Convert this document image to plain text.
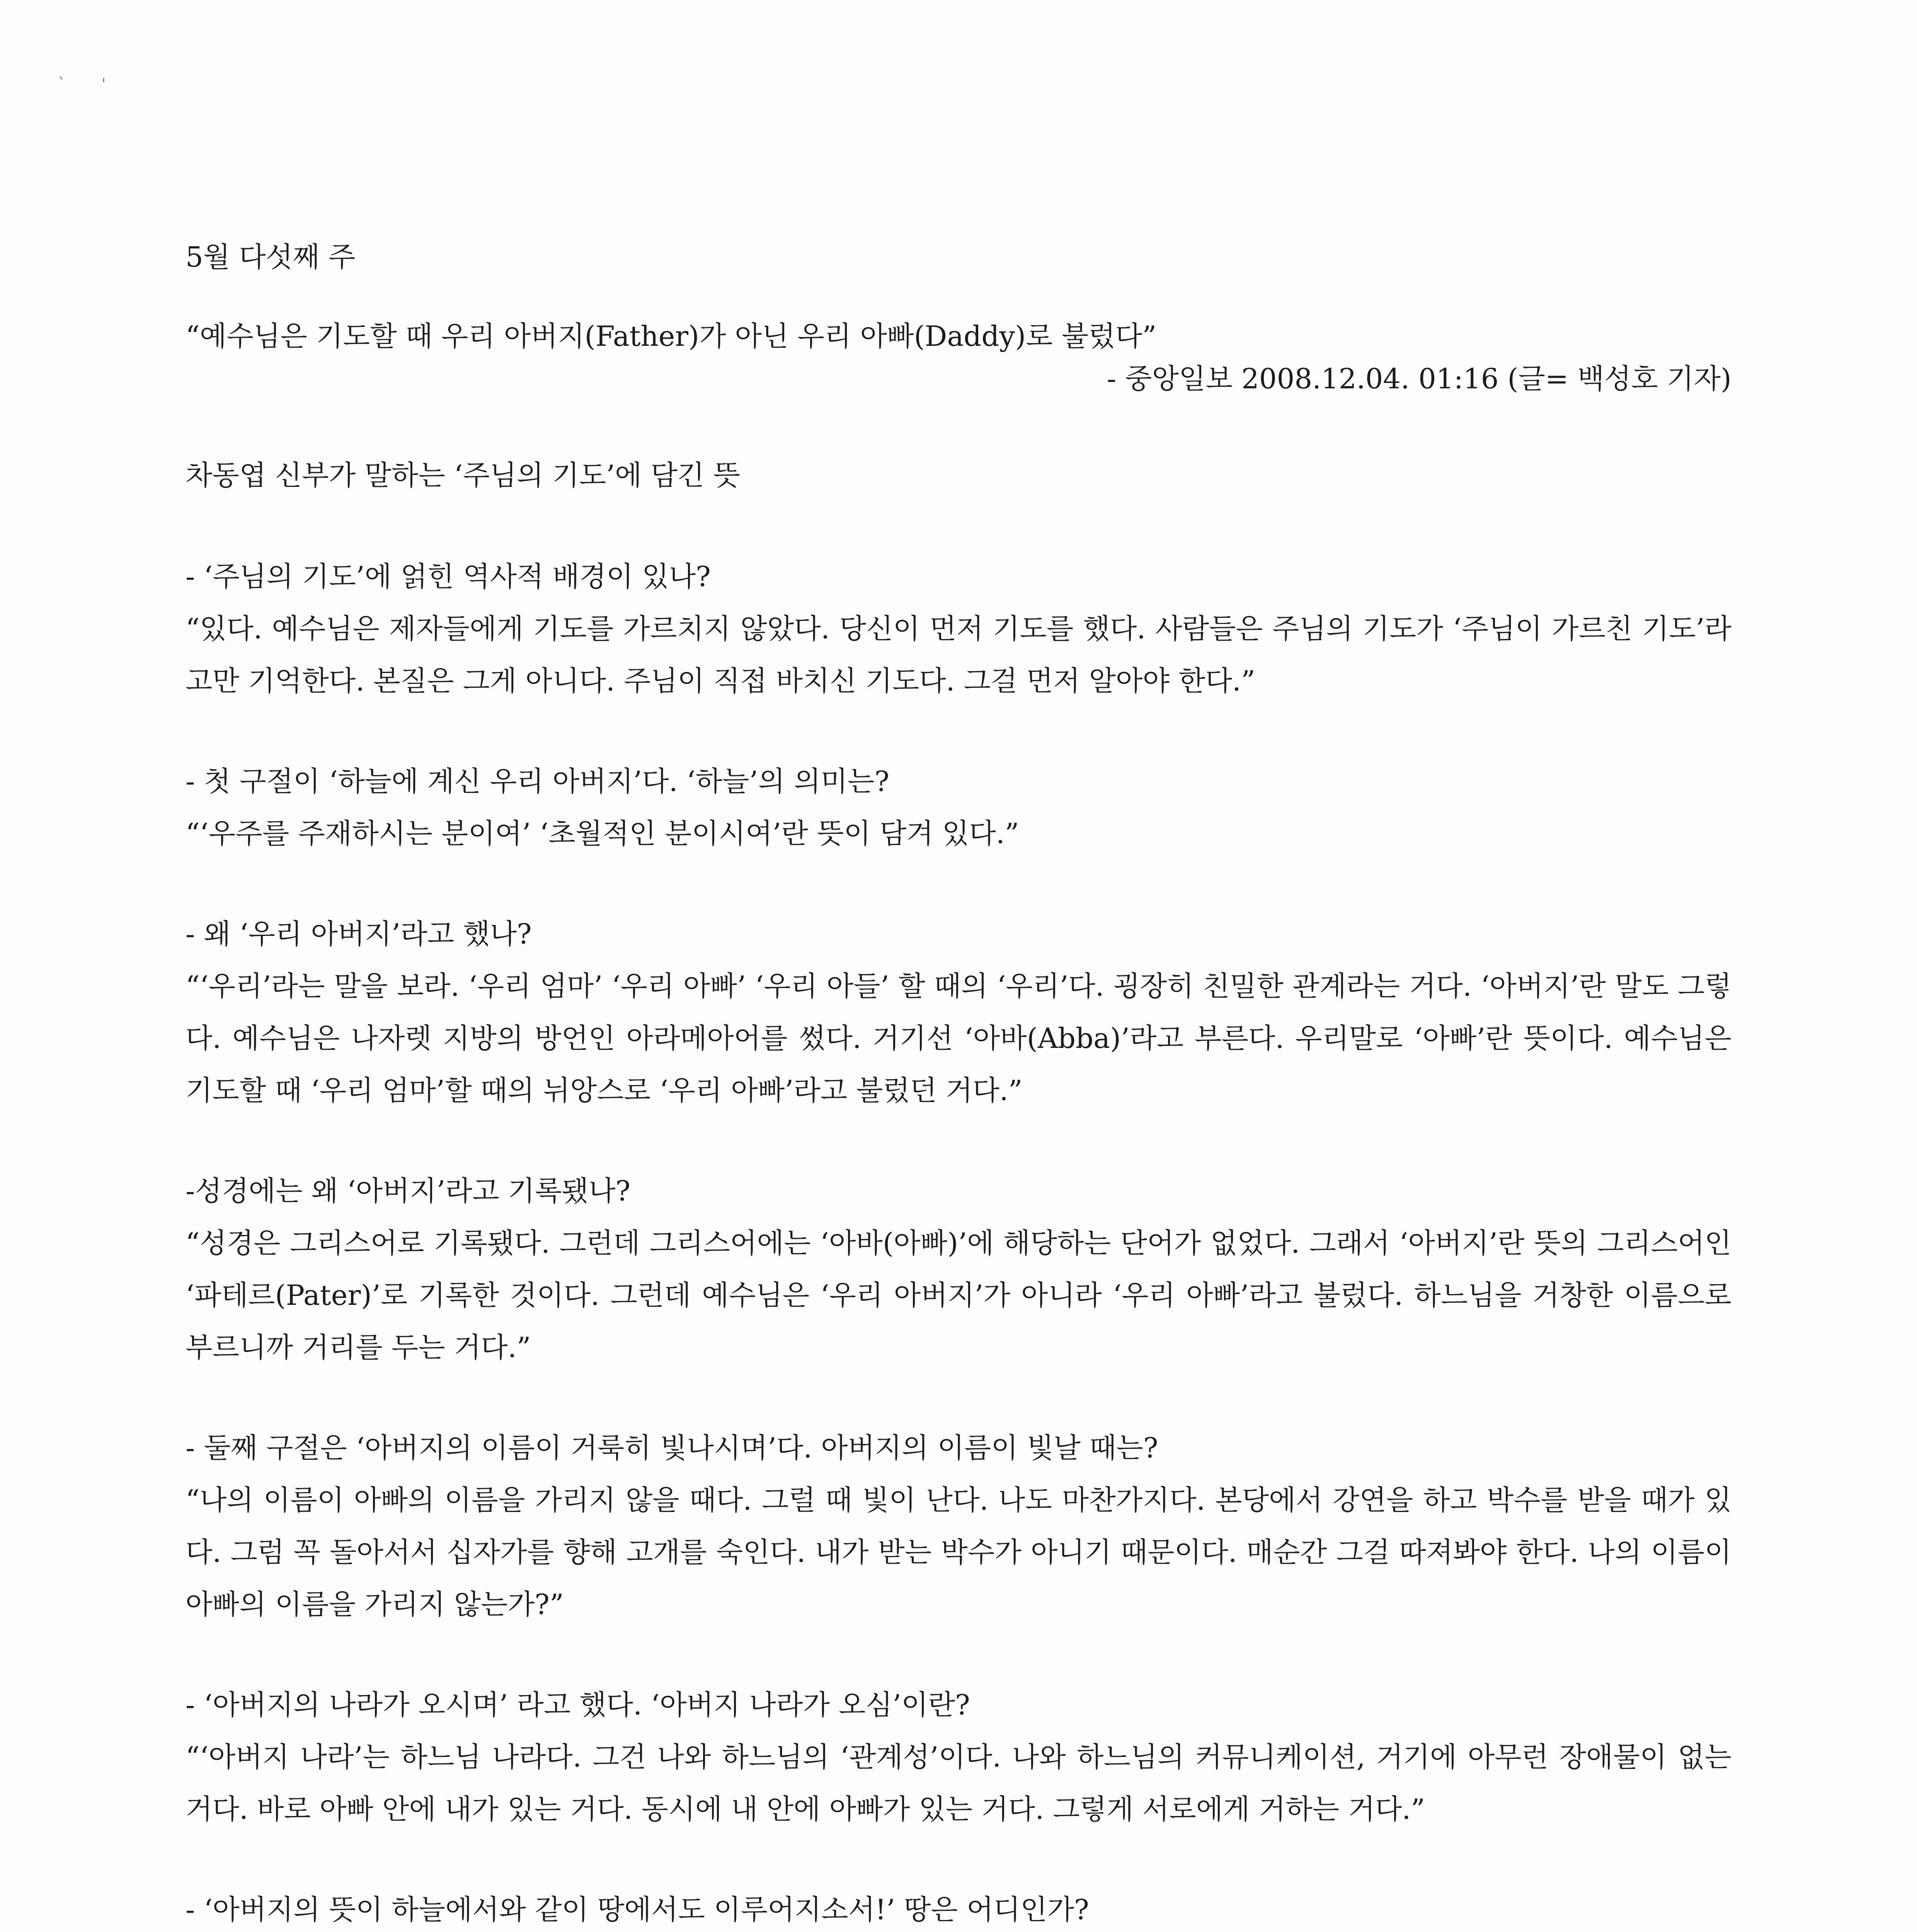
` '

5월 다섯째 주

“예수님은 기도할 때 우리 아버지(Father)가 아닌 우리 아빠(Daddy)로 불렀다”

- 중앙일보 2008.12.04. 01:16 (글= 백성호 기자)

차동엽 신부가 말하는 ‘주님의 기도’에 담긴 뜻

- ‘주님의 기도’에 얽힌 역사적 배경이 있나?

“있다. 예수님은 제자들에게 기도를 가르치지 않았다. 당신이 먼저 기도를 했다. 사람들은 주님의 기도가 ‘주님이 가르친 기도’라고만 기억한다. 본질은 그게 아니다. 주님이 직접 바치신 기도다. 그걸 먼저 알아야 한다.”

- 첫 구절이 ‘하늘에 계신 우리 아버지’다. ‘하늘’의 의미는?

“‘우주를 주재하시는 분이여’ ‘초월적인 분이시여’란 뜻이 담겨 있다.”

- 왜 ‘우리 아버지’라고 했나?

“‘우리’라는 말을 보라. ‘우리 엄마’ ‘우리 아빠’ ‘우리 아들’ 할 때의 ‘우리’다. 굉장히 친밀한 관계라는 거다. ‘아버지’란 말도 그렇다. 예수님은 나자렛 지방의 방언인 아라메아어를 썼다. 거기선 ‘아바(Abba)’라고 부른다. 우리말로 ‘아빠’란 뜻이다. 예수님은 기도할 때 ‘우리 엄마’할 때의 뉘앙스로 ‘우리 아빠’라고 불렀던 거다.”

-성경에는 왜 ‘아버지’라고 기록됐나?

“성경은 그리스어로 기록됐다. 그런데 그리스어에는 ‘아바(아빠)’에 해당하는 단어가 없었다. 그래서 ‘아버지’란 뜻의 그리스어인 ‘파테르(Pater)’로 기록한 것이다. 그런데 예수님은 ‘우리 아버지’가 아니라 ‘우리 아빠’라고 불렀다. 하느님을 거창한 이름으로 부르니까 거리를 두는 거다.”

- 둘째 구절은 ‘아버지의 이름이 거룩히 빛나시며’다. 아버지의 이름이 빛날 때는?

“나의 이름이 아빠의 이름을 가리지 않을 때다. 그럴 때 빛이 난다. 나도 마찬가지다. 본당에서 강연을 하고 박수를 받을 때가 있다. 그럼 꼭 돌아서서 십자가를 향해 고개를 숙인다. 내가 받는 박수가 아니기 때문이다. 매순간 그걸 따져봐야 한다. 나의 이름이 아빠의 이름을 가리지 않는가?”

- ‘아버지의 나라가 오시며’ 라고 했다. ‘아버지 나라가 오심’이란?

“‘아버지 나라’는 하느님 나라다. 그건 나와 하느님의 ‘관계성’이다. 나와 하느님의 커뮤니케이션, 거기에 아무런 장애물이 없는 거다. 바로 아빠 안에 내가 있는 거다. 동시에 내 안에 아빠가 있는 거다. 그렇게 서로에게 거하는 거다.”

- ‘아버지의 뜻이 하늘에서와 같이 땅에서도 이루어지소서!’ 땅은 어디인가?
